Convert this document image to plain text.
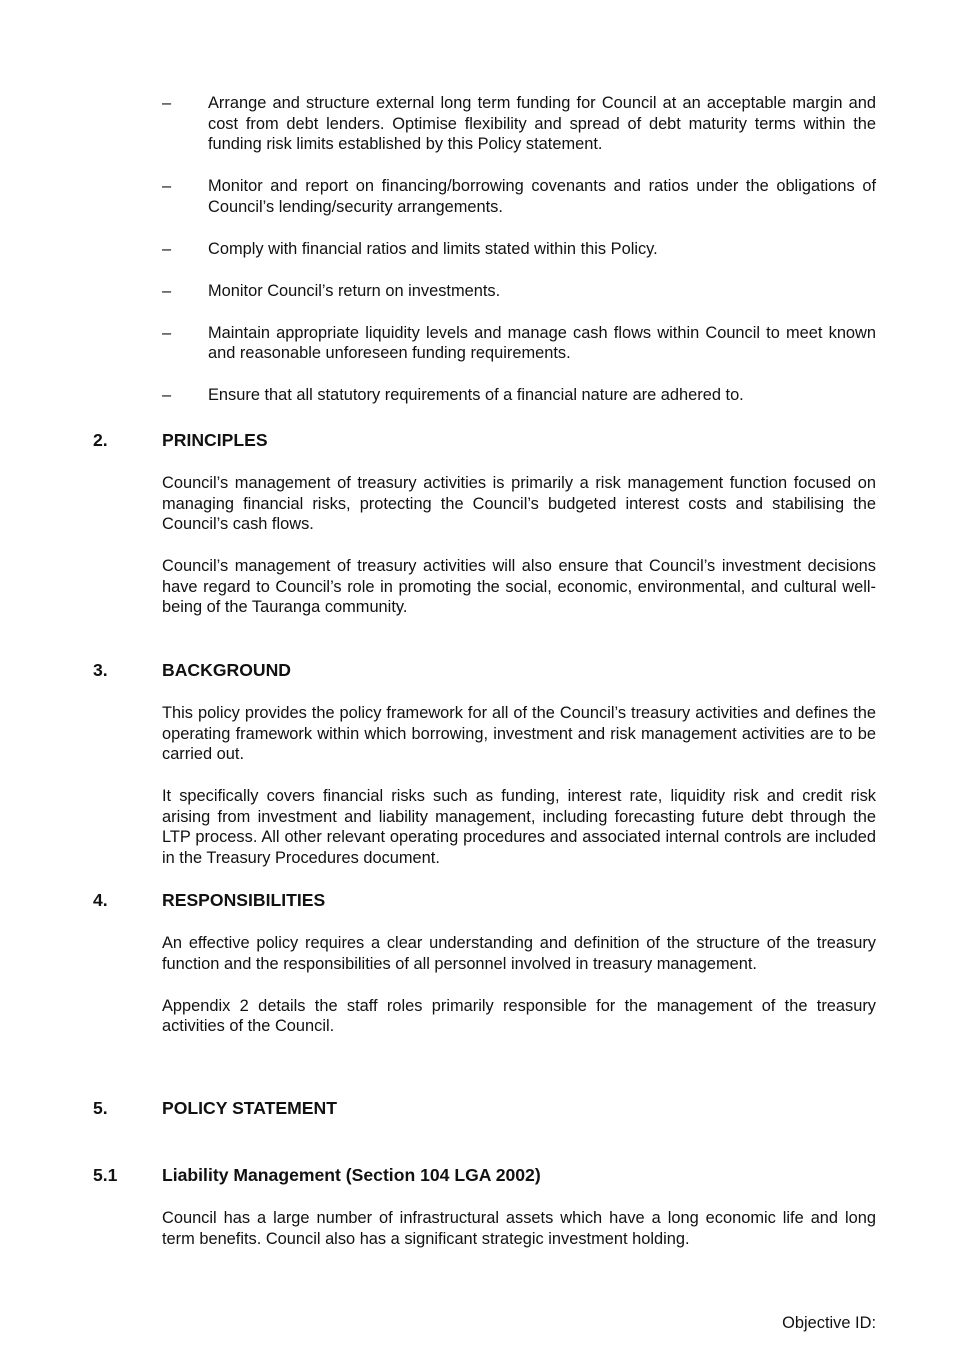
–	Arrange and structure external long term funding for Council at an acceptable margin and cost from debt lenders. Optimise flexibility and spread of debt maturity terms within the funding risk limits established by this Policy statement.
–	Monitor and report on financing/borrowing covenants and ratios under the obligations of Council’s lending/security arrangements.
–	Comply with financial ratios and limits stated within this Policy.
–	Monitor Council’s return on investments.
–	Maintain appropriate liquidity levels and manage cash flows within Council to meet known and reasonable unforeseen funding requirements.
–	Ensure that all statutory requirements of a financial nature are adhered to.
2.	PRINCIPLES

Council’s management of treasury activities is primarily a risk management function focused on managing financial risks, protecting the Council’s budgeted interest costs and stabilising the Council’s cash flows.

Council’s management of treasury activities will also ensure that Council’s investment decisions have regard to Council’s role in promoting the social, economic, environmental, and cultural well-being of the Tauranga community.

3.	BACKGROUND

This policy provides the policy framework for all of the Council’s treasury activities and defines the operating framework within which borrowing, investment and risk management activities are to be carried out.

It specifically covers financial risks such as funding, interest rate, liquidity risk and credit risk arising from investment and liability management, including forecasting future debt through the LTP process. All other relevant operating procedures and associated internal controls are included in the Treasury Procedures document.

4.	RESPONSIBILITIES

An effective policy requires a clear understanding and definition of the structure of the treasury function and the responsibilities of all personnel involved in treasury management.

Appendix 2 details the staff roles primarily responsible for the management of the treasury activities of the Council.

5.	POLICY STATEMENT
5.1	Liability Management (Section 104 LGA 2002)

Council has a large number of infrastructural assets which have a long economic life and long term benefits. Council also has a significant strategic investment holding.

Objective ID:
